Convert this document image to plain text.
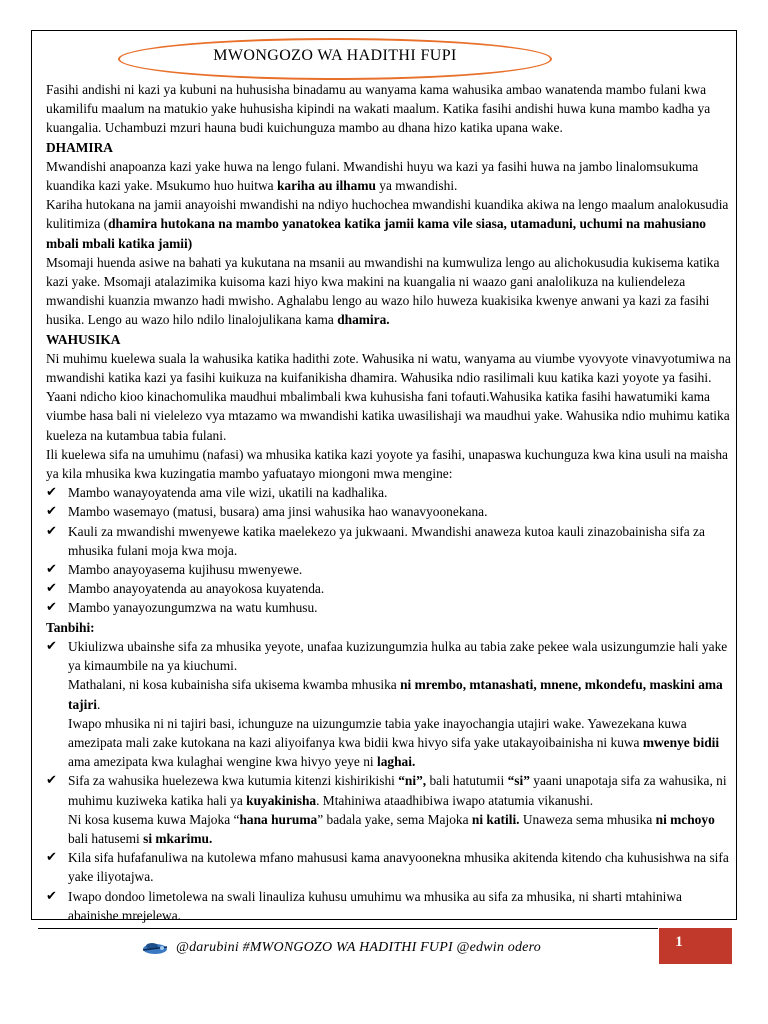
MWONGOZO WA HADITHI FUPI

Fasihi andishi ni kazi ya kubuni na huhusisha binadamu au wanyama kama wahusika ambao wanatenda mambo fulani kwa ukamilifu maalum na matukio yake huhusisha kipindi na wakati maalum. Katika fasihi andishi huwa kuna mambo kadha ya kuangalia. Uchambuzi mzuri hauna budi kuichunguza mambo au dhana hizo katika upana wake.

DHAMIRA

Mwandishi anapoanza kazi yake huwa na lengo fulani. Mwandishi huyu wa kazi ya fasihi huwa na jambo linalomsukuma kuandika kazi yake. Msukumo huo huitwa kariha au ilhamu ya mwandishi.

Kariha hutokana na jamii anayoishi mwandishi na ndiyo huchochea mwandishi kuandika akiwa na lengo maalum analokusudia kulitimiza (dhamira hutokana na mambo yanatokea katika jamii kama vile siasa, utamaduni, uchumi na mahusiano mbali mbali katika jamii)

Msomaji huenda asiwe na bahati ya kukutana na msanii au mwandishi na kumwuliza lengo au alichokusudia kukisema katika kazi yake. Msomaji atalazimika kuisoma kazi hiyo kwa makini na kuangalia ni waazo gani analolikuza na kuliendeleza mwandishi kuanzia mwanzo hadi mwisho. Aghalabu lengo au wazo hilo huweza kuakisika kwenye anwani ya kazi za fasihi husika. Lengo au wazo hilo ndilo linalojulikana kama dhamira.

WAHUSIKA

Ni muhimu kuelewa suala la wahusika katika hadithi zote. Wahusika ni watu, wanyama au viumbe vyovyote vinavyotumiwa na mwandishi katika kazi ya fasihi kuikuza na kuifanikisha dhamira. Wahusika ndio rasilimali kuu katika kazi yoyote ya fasihi. Yaani ndicho kioo kinachomulika maudhui mbalimbali kwa kuhusisha fani tofauti.Wahusika katika fasihi hawatumiki kama viumbe hasa bali ni vielelezo vya mtazamo wa mwandishi katika uwasilishaji wa maudhui yake. Wahusika ndio muhimu katika kueleza na kutambua tabia fulani.

Ili kuelewa sifa na umuhimu (nafasi) wa mhusika katika kazi yoyote ya fasihi, unapaswa kuchunguza kwa kina usuli na maisha ya kila mhusika kwa kuzingatia mambo yafuatayo miongoni mwa mengine:

✔ Mambo wanayoyatenda ama vile wizi, ukatili na kadhalika.
✔ Mambo wasemayo (matusi, busara) ama jinsi wahusika hao wanavyoonekana.
✔ Kauli za mwandishi mwenyewe katika maelekezo ya jukwaani. Mwandishi anaweza kutoa kauli zinazobainisha sifa za mhusika fulani moja kwa moja.
✔ Mambo anayoyasema kujihusu mwenyewe.
✔ Mambo anayoyatenda au anayokosa kuyatenda.
✔ Mambo yanayozungumzwa na watu kumhusu.

Tanbihi:

✔ Ukiulizwa ubainshe sifa za mhusika yeyote, unafaa kuzizungumzia hulka au tabia zake pekee wala usizungumzie hali yake ya kimaumbile na ya kiuchumi.

Mathalani, ni kosa kubainisha sifa ukisema kwamba mhusika ni mrembo, mtanashati, mnene, mkondefu, maskini ama tajiri.

Iwapo mhusika ni ni tajiri basi, ichunguze na uizungumzie tabia yake inayochangia utajiri wake. Yawezekana kuwa amezipata mali zake kutokana na kazi aliyoifanya kwa bidii kwa hivyo sifa yake utakayoibainisha ni kuwa mwenye bidii ama amezipata kwa kulaghai wengine kwa hivyo yeye ni laghai.

✔ Sifa za wahusika huelezewa kwa kutumia kitenzi kishirikishi “ni”, bali hatutumii “si” yaani unapotaja sifa za wahusika, ni muhimu kuziweka katika hali ya kuyakinisha. Mtahiniwa ataadhibiwa iwapo atatumia vikanushi.

Ni kosa kusema kuwa Majoka “hana huruma” badala yake, sema Majoka ni katili. Unaweza sema mhusika ni mchoyo bali hatusemi si mkarimu.

✔ Kila sifa hufafanuliwa na kutolewa mfano mahususi kama anavyoonekna mhusika akitenda kitendo cha kuhusishwa na sifa yake iliyotajwa.
✔ Iwapo dondoo limetolewa na swali linauliza kuhusu umuhimu wa mhusika au sifa za mhusika, ni sharti mtahiniwa abainishe mrejelewa.
@darubini #MWONGOZO WA HADITHI FUPI @edwin odero	1
